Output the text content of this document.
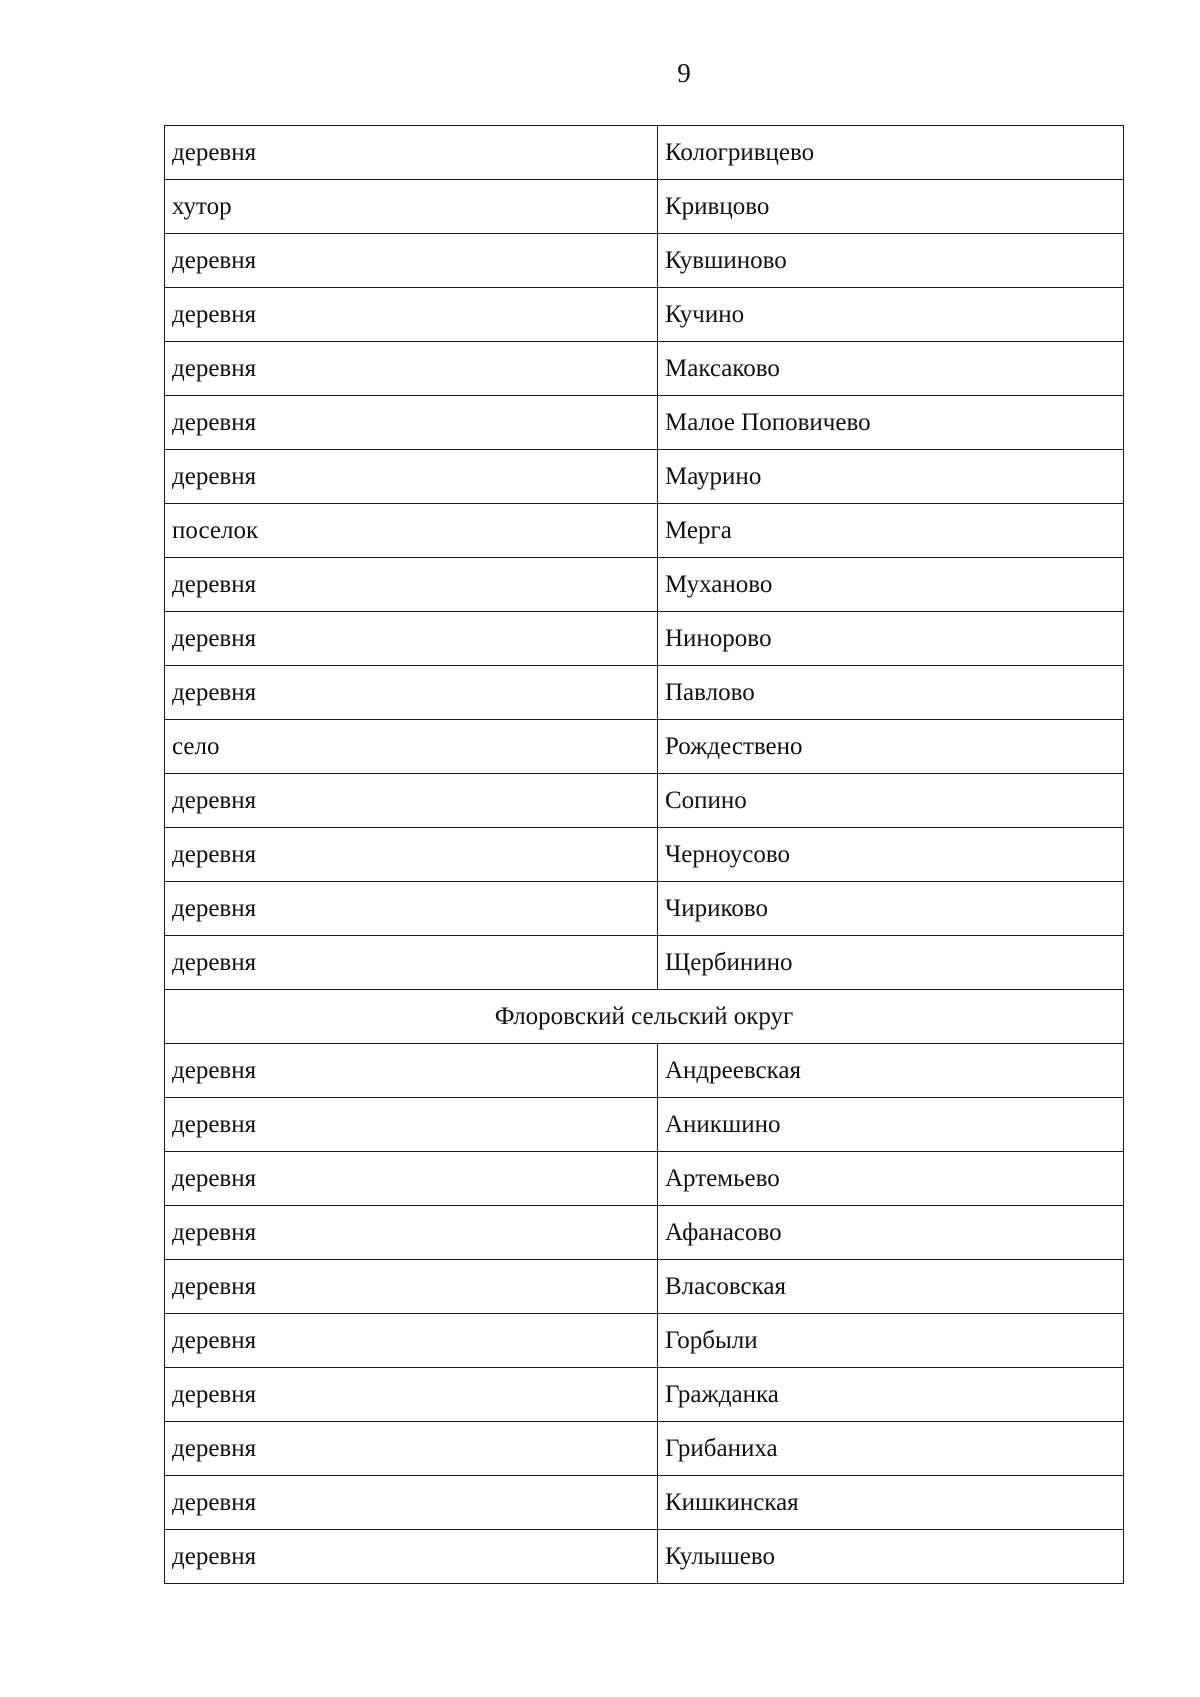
9
деревня	Кологривцево
хутор	Кривцово
деревня	Кувшиново
деревня	Кучино
деревня	Максаково
деревня	Малое Поповичево
деревня	Маурино
поселок	Мерга
деревня	Муханово
деревня	Ниноровo
деревня	Павлово
село	Рождествено
деревня	Сопино
деревня	Черноусово
деревня	Чириково
деревня	Щербинино
Флоровский сельский округ	
деревня	Андреевская
деревня	Аникшино
деревня	Артемьево
деревня	Афанасово
деревня	Власовская
деревня	Горбыли
деревня	Гражданка
деревня	Грибаниха
деревня	Кишкинская
деревня	Кулышево
